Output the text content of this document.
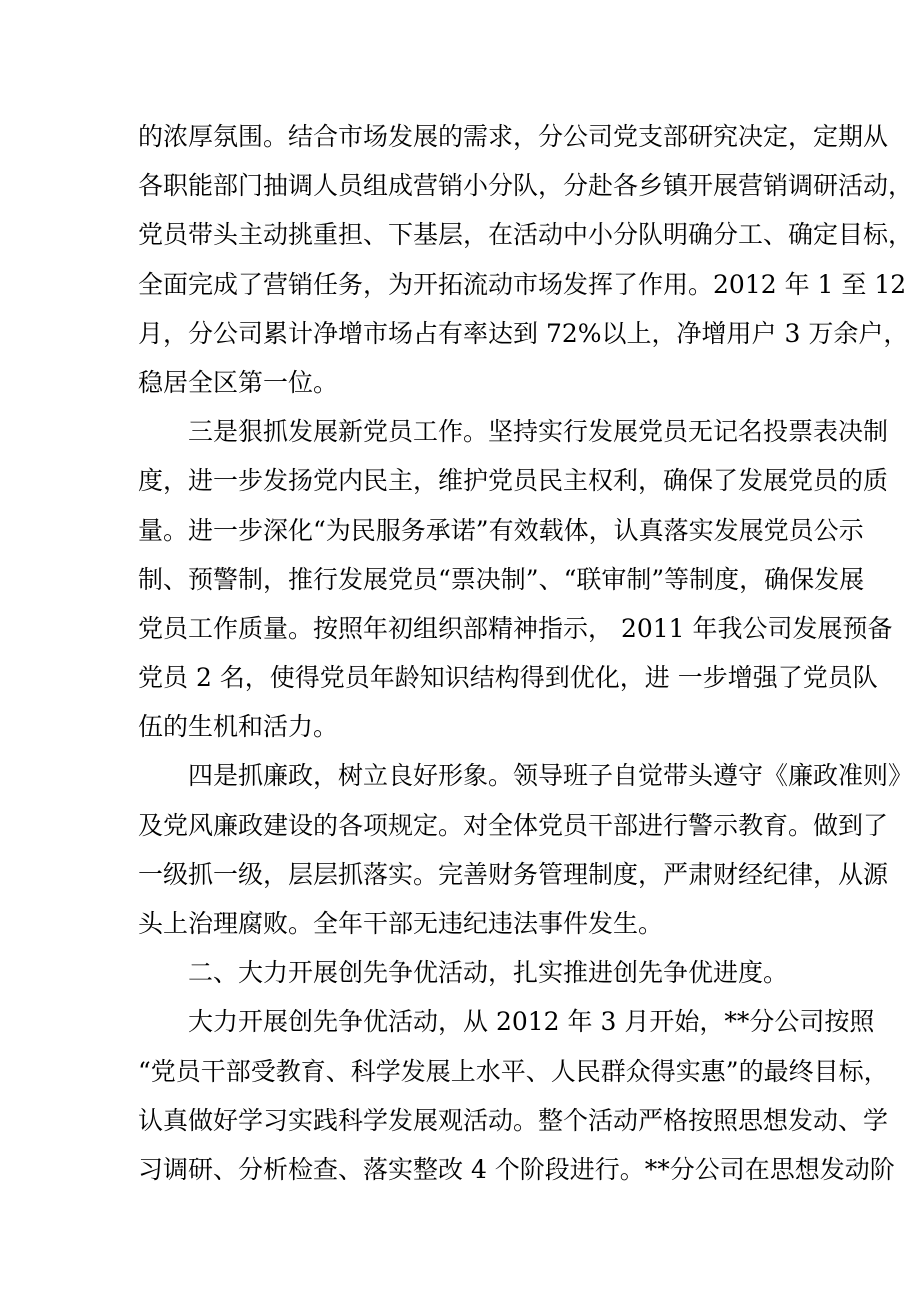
的浓厚氛围。结合市场发展的需求，分公司党支部研究决定，定期从
各职能部门抽调人员组成营销小分队，分赴各乡镇开展营销调研活动，
党员带头主动挑重担、下基层，在活动中小分队明确分工、确定目标，
全面完成了营销任务，为开拓流动市场发挥了作用。2012 年 1 至 12
月，分公司累计净增市场占有率达到 72%以上，净增用户 3 万余户，
稳居全区第一位。
三是狠抓发展新党员工作。坚持实行发展党员无记名投票表决制
度，进一步发扬党内民主，维护党员民主权利，确保了发展党员的质
量。进一步深化“为民服务承诺”有效载体，认真落实发展党员公示
制、预警制，推行发展党员“票决制”、“联审制”等制度，确保发展
党员工作质量。按照年初组织部精神指示， 2011 年我公司发展预备
党员 2 名，使得党员年龄知识结构得到优化，进 一步增强了党员队
伍的生机和活力。
四是抓廉政，树立良好形象。领导班子自觉带头遵守《廉政准则》
及党风廉政建设的各项规定。对全体党员干部进行警示教育。做到了
一级抓一级，层层抓落实。完善财务管理制度，严肃财经纪律，从源
头上治理腐败。全年干部无违纪违法事件发生。
二、大力开展创先争优活动，扎实推进创先争优进度。
大力开展创先争优活动，从 2012 年 3 月开始，**分公司按照
“党员干部受教育、科学发展上水平、人民群众得实惠”的最终目标，
认真做好学习实践科学发展观活动。整个活动严格按照思想发动、学
习调研、分析检查、落实整改 4 个阶段进行。**分公司在思想发动阶
